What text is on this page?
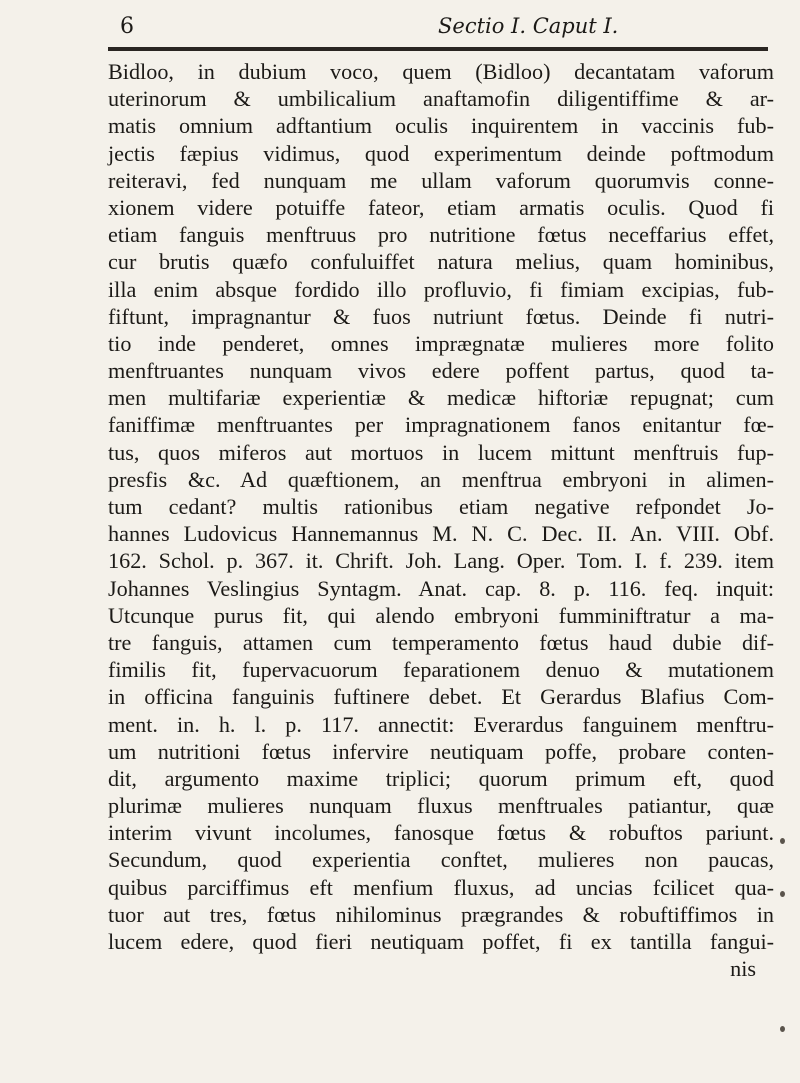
6	Sectio I. Caput I.
Bidloo, in dubium voco, quem (Bidloo) decantatam vaforum
uterinorum & umbilicalium anaftamofin diligentiffime & ar-
matis omnium adftantium oculis inquirentem in vaccinis fub-
jectis fæpius vidimus, quod experimentum deinde poftmodum
reiteravi, fed nunquam me ullam vaforum quorumvis conne-
xionem videre potuiffe fateor, etiam armatis oculis. Quod fi
etiam fanguis menftruus pro nutritione fœtus neceffarius effet,
cur brutis quæfo confuluiffet natura melius, quam hominibus,
illa enim absque fordido illo profluvio, fi fimiam excipias, fub-
fiftunt, impragnantur & fuos nutriunt fœtus. Deinde fi nutri-
tio inde penderet, omnes imprægnatæ mulieres more folito
menftruantes nunquam vivos edere poffent partus, quod ta-
men multifariæ experientiæ & medicæ hiftoriæ repugnat; cum
faniffimæ menftruantes per impragnationem fanos enitantur fœ-
tus, quos miferos aut mortuos in lucem mittunt menftruis fup-
presfis &c. Ad quæftionem, an menftrua embryoni in alimen-
tum cedant? multis rationibus etiam negative refpondet Jo-
hannes Ludovicus Hannemannus M. N. C. Dec. II. An. VIII. Obf.
162. Schol. p. 367. it. Chrift. Joh. Lang. Oper. Tom. I. f. 239. item
Johannes Veslingius Syntagm. Anat. cap. 8. p. 116. feq. inquit:
Utcunque purus fit, qui alendo embryoni fumminiftratur a ma-
tre fanguis, attamen cum temperamento fœtus haud dubie dif-
fimilis fit, fupervacuorum feparationem denuo & mutationem
in officina fanguinis fuftinere debet. Et Gerardus Blafius Com-
ment. in. h. l. p. 117. annectit: Everardus fanguinem menftru-
um nutritioni fœtus infervire neutiquam poffe, probare conten-
dit, argumento maxime triplici; quorum primum eft, quod
plurimæ mulieres nunquam fluxus menftruales patiantur, quæ
interim vivunt incolumes, fanosque fœtus & robuftos pariunt.
Secundum, quod experientia conftet, mulieres non paucas,
quibus parciffimus eft menfium fluxus, ad uncias fcilicet qua-
tuor aut tres, fœtus nihilominus prægrandes & robuftiffimos in
lucem edere, quod fieri neutiquam poffet, fi ex tantilla fangui-
nis
